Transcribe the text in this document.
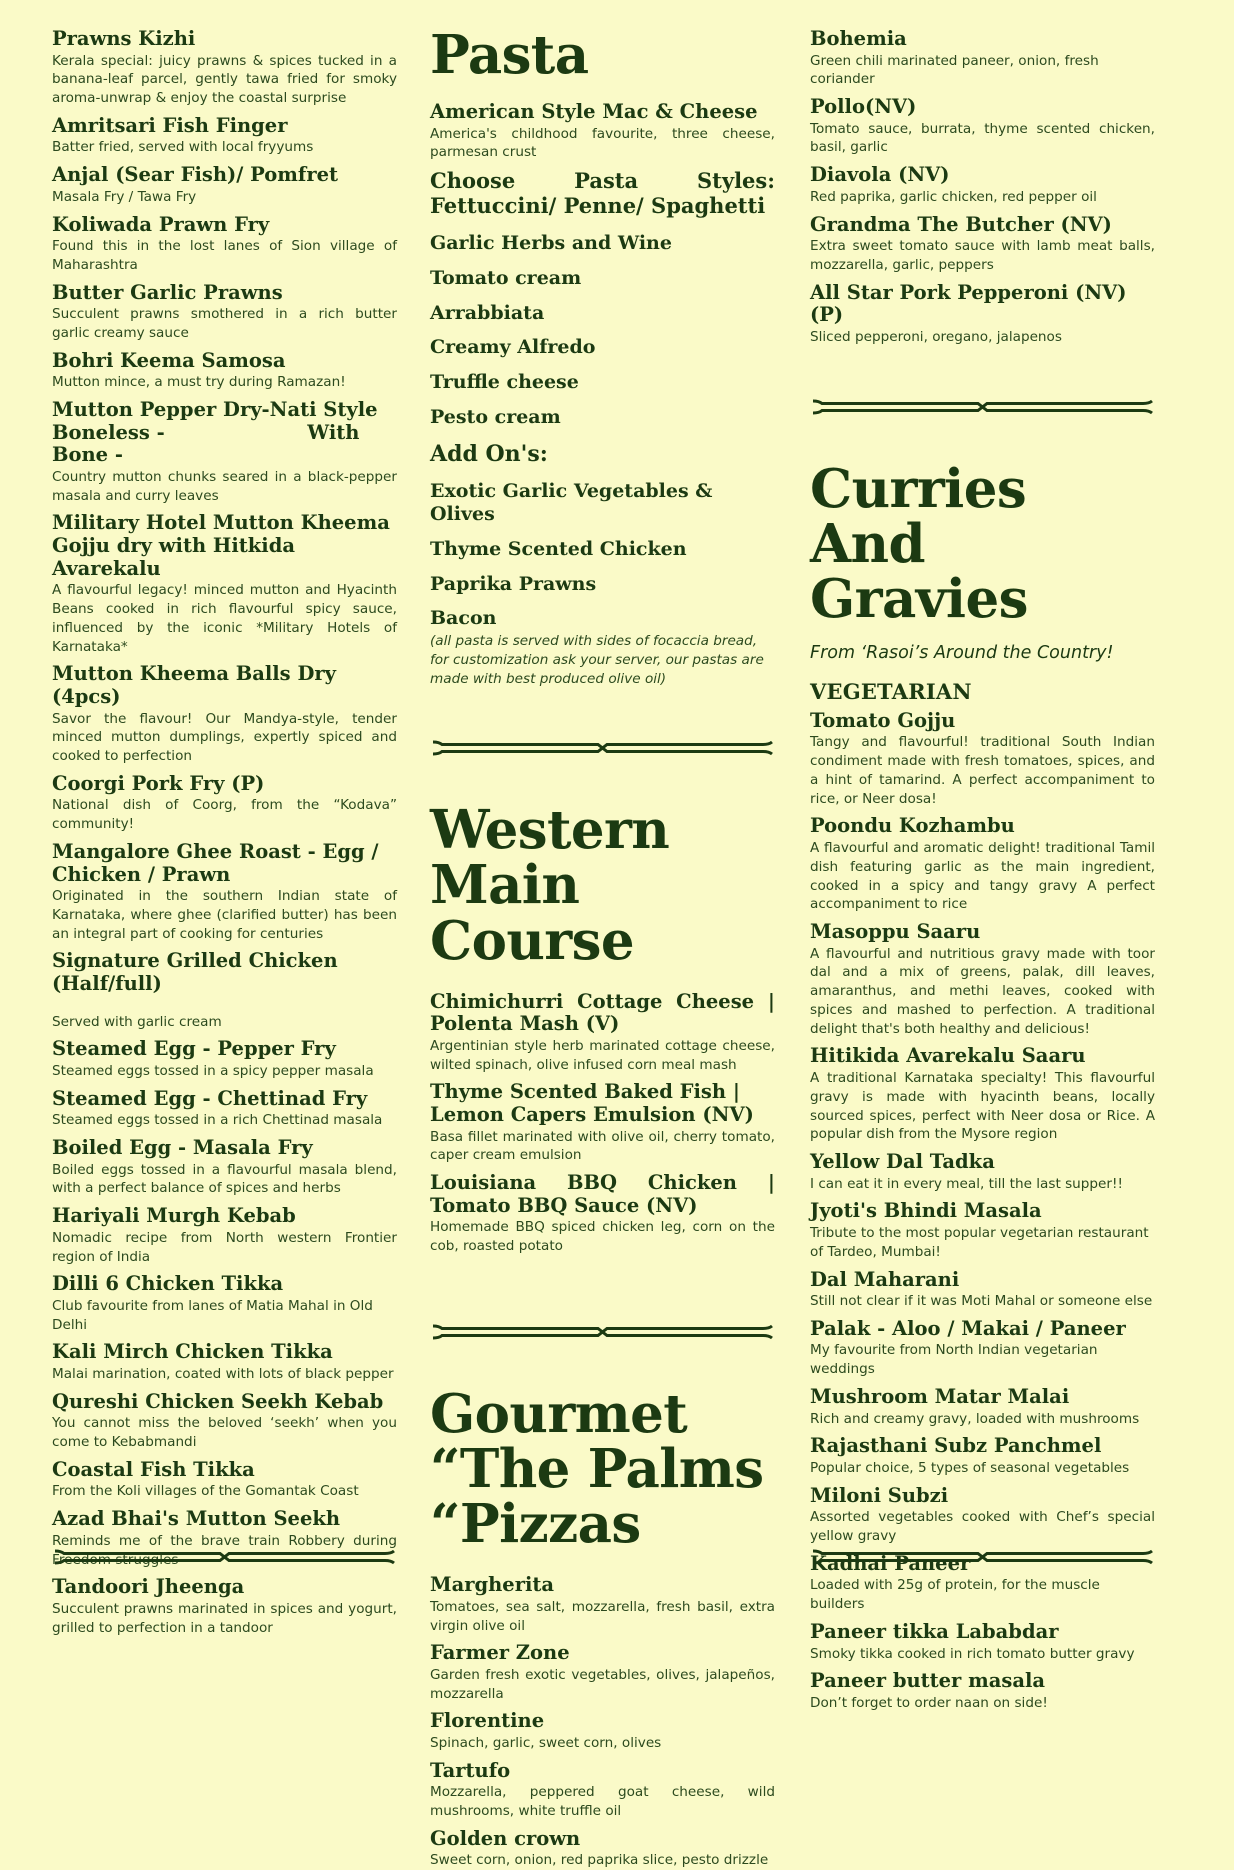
Prawns Kizhi
Kerala special: juicy prawns & spices tucked in a banana-leaf parcel, gently tawa fried for smoky aroma-unwrap & enjoy the coastal surprise
Amritsari Fish Finger
Batter fried, served with local fryyums
Anjal (Sear Fish)/ Pomfret
Masala Fry / Tawa Fry
Koliwada Prawn Fry
Found this in the lost lanes of Sion village of Maharashtra
Butter Garlic Prawns
Succulent prawns smothered in a rich butter garlic creamy sauce
Bohri Keema Samosa
Mutton mince, a must try during Ramazan!
Mutton Pepper Dry-Nati Style Boneless -                     With Bone -
Country mutton chunks seared in a black-pepper masala and curry leaves
Military Hotel Mutton Kheema Gojju dry with Hitkida Avarekalu
A flavourful legacy! minced mutton and Hyacinth Beans cooked in rich flavourful spicy sauce, influenced by the iconic *Military Hotels of Karnataka*
Mutton Kheema Balls Dry (4pcs)
Savor the flavour! Our Mandya-style, tender minced mutton dumplings, expertly spiced and cooked to perfection
Coorgi Pork Fry (P)
National dish of Coorg, from the “Kodava” community!
Mangalore Ghee Roast - Egg / Chicken / Prawn
Originated in the southern Indian state of Karnataka, where ghee (clarified butter) has been an integral part of cooking for centuries
Signature Grilled Chicken (Half/full)
Served with garlic cream
Steamed Egg - Pepper Fry
Steamed eggs tossed in a spicy pepper masala
Steamed Egg - Chettinad Fry
Steamed eggs tossed in a rich Chettinad masala
Boiled Egg - Masala Fry
Boiled eggs tossed in a flavourful masala blend, with a perfect balance of spices and herbs
Hariyali Murgh Kebab
Nomadic recipe from North western Frontier region of India
Dilli 6 Chicken Tikka
Club favourite from lanes of Matia Mahal in Old Delhi
Kali Mirch Chicken Tikka
Malai marination, coated with lots of black pepper
Qureshi Chicken Seekh Kebab
You cannot miss the beloved ‘seekh’ when you come to Kebabmandi
Coastal Fish Tikka
From the Koli villages of the Gomantak Coast
Azad Bhai's Mutton Seekh
Reminds me of the brave train Robbery during Freedom struggles
Tandoori Jheenga
Succulent prawns marinated in spices and yogurt, grilled to perfection in a tandoor
Pasta
American Style Mac & Cheese
America's childhood favourite, three cheese, parmesan crust
Choose Pasta Styles: Fettuccini/ Penne/ Spaghetti
Garlic Herbs and Wine
Tomato cream
Arrabbiata
Creamy Alfredo
Truffle cheese
Pesto cream
Add On's:
Exotic Garlic Vegetables & Olives
Thyme Scented Chicken
Paprika Prawns
Bacon
(all pasta is served with sides of focaccia bread, for customization ask your server, our pastas are made with best produced olive oil)
Western Main Course
Chimichurri Cottage Cheese | Polenta Mash (V)
Argentinian style herb marinated cottage cheese, wilted spinach, olive infused corn meal mash
Thyme Scented Baked Fish | Lemon Capers Emulsion (NV)
Basa fillet marinated with olive oil, cherry tomato, caper cream emulsion
Louisiana BBQ Chicken | Tomato BBQ Sauce (NV)
Homemade BBQ spiced chicken leg, corn on the cob, roasted potato
Gourmet “The Palms “Pizzas
Margherita
Tomatoes, sea salt, mozzarella, fresh basil, extra virgin olive oil
Farmer Zone
Garden fresh exotic vegetables, olives, jalapeños, mozzarella
Florentine
Spinach, garlic, sweet corn, olives
Tartufo
Mozzarella, peppered goat cheese, wild mushrooms, white truffle oil
Golden crown
Sweet corn, onion, red paprika slice, pesto drizzle
Bohemia
Green chili marinated paneer, onion, fresh coriander
Pollo(NV)
Tomato sauce, burrata, thyme scented chicken, basil, garlic
Diavola (NV)
Red paprika, garlic chicken, red pepper oil
Grandma The Butcher (NV)
Extra sweet tomato sauce with lamb meat balls, mozzarella, garlic, peppers
All Star Pork Pepperoni (NV)(P)
Sliced pepperoni, oregano, jalapenos
Curries And Gravies
From ‘Rasoi’s Around the Country!
VEGETARIAN
Tomato Gojju
Tangy and flavourful! traditional South Indian condiment made with fresh tomatoes, spices, and a hint of tamarind. A perfect accompaniment to rice, or Neer dosa!
Poondu Kozhambu
A flavourful and aromatic delight! traditional Tamil dish featuring garlic as the main ingredient, cooked in a spicy and tangy gravy A perfect accompaniment to rice
Masoppu Saaru
A flavourful and nutritious gravy made with toor dal and a mix of greens, palak, dill leaves, amaranthus, and methi leaves, cooked with spices and mashed to perfection. A traditional delight that's both healthy and delicious!
Hitikida Avarekalu Saaru
A traditional Karnataka specialty! This flavourful gravy is made with hyacinth beans, locally sourced spices, perfect with Neer dosa or Rice. A popular dish from the Mysore region
Yellow Dal Tadka
I can eat it in every meal, till the last supper!!
Jyoti's Bhindi Masala
Tribute to the most popular vegetarian restaurant of Tardeo, Mumbai!
Dal Maharani
Still not clear if it was Moti Mahal or someone else
Palak - Aloo / Makai / Paneer
My favourite from North Indian vegetarian weddings
Mushroom Matar Malai
Rich and creamy gravy, loaded with mushrooms
Rajasthani Subz Panchmel
Popular choice, 5 types of seasonal vegetables
Miloni Subzi
Assorted vegetables cooked with Chef’s special yellow gravy
Kadhai Paneer
Loaded with 25g of protein, for the muscle builders
Paneer tikka Lababdar
Smoky tikka cooked in rich tomato butter gravy
Paneer butter masala
Don’t forget to order naan on side!
